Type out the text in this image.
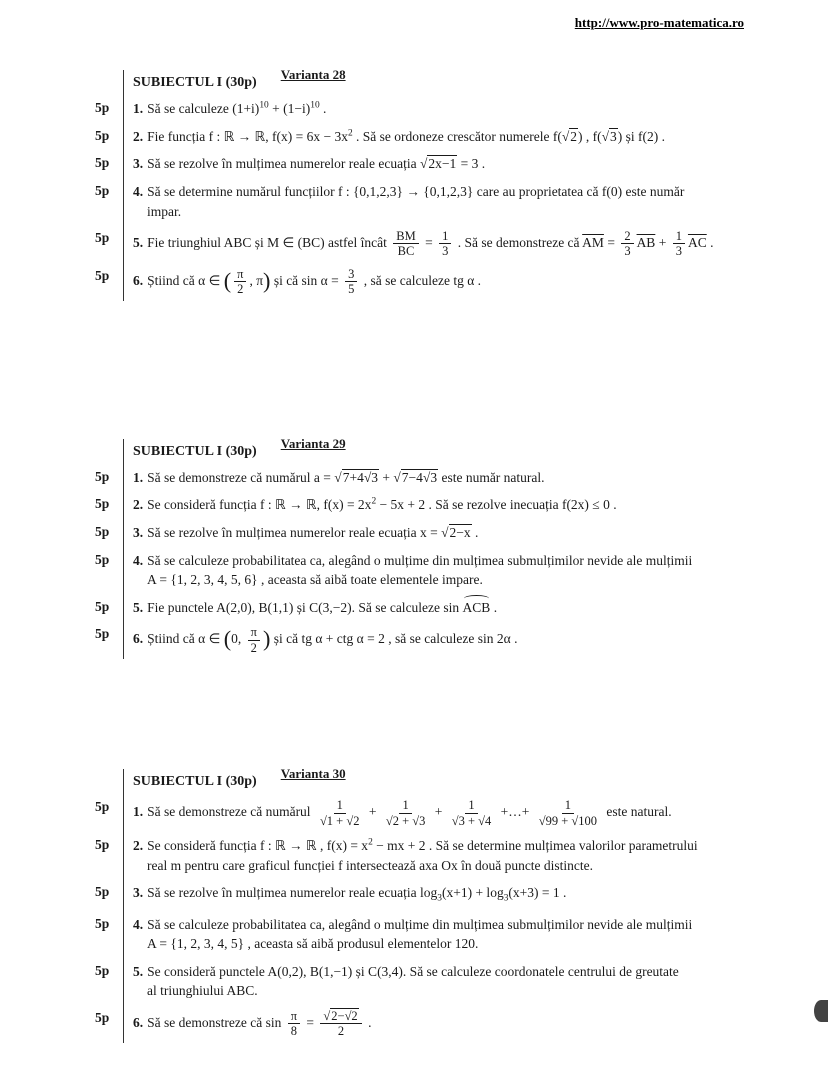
http://www.pro-matematica.ro
SUBIECTUL I (30p)Varianta 28
5p	1. Să se calculeze $(1+i)^{10} + (1-i)^{10}$ .
5p	2. Fie funcția f : ℝ → ℝ, $f(x) = 6x - 3x^2$ . Să se ordoneze crescător numerele f(√2) , f(√3) și f(2) .
5p	3. Să se rezolve în mulțimea numerelor reale ecuația √2x−1 = 3 .
5p	4. Să se determine numărul funcțiilor f : {0,1,2,3} → {0,1,2,3} care au proprietatea că f(0) este număr
impar.
5p	5. Fie triunghiul ABC și M ∈ (BC) astfel încât $\frac{BM}{BC} = \frac{1}{3}$ . Să se demonstreze că $\overline{AM} = \frac{2}{3} \overline{AB} + \frac{1}{3} \overline{AC}$ .
5p	6. Știind că α ∈ ( $\frac{\pi}{2}$ , π) și că $\sin \alpha = \frac{3}{5}$ , să se calculeze tg α .
SUBIECTUL I (30p)Varianta 29
5p	1. Să se demonstreze că numărul a = √7+4√3 + √7−4√3 este număr natural.
5p	2. Se consideră funcția f : ℝ → ℝ, $f(x) = 2x^2 - 5x + 2$ . Să se rezolve inecuația f(2x) ≤ 0 .
5p	3. Să se rezolve în mulțimea numerelor reale ecuația x = √2−x .
5p	4. Să se calculeze probabilitatea ca, alegând o mulțime din mulțimea submulțimilor nevide ale mulțimii
A = {1, 2, 3, 4, 5, 6} , aceasta să aibă toate elementele impare.
5p	5. Fie punctele A(2,0), B(1,1) și C(3,−2). Să se calculeze sin ACB .
5p	6. Știind că α ∈ (0, $\frac{\pi}{2}$ ) și că tg α + ctg α = 2 , să se calculeze sin 2α .
SUBIECTUL I (30p)Varianta 30
5p	1. Să se demonstreze că numărul $\frac{1}{√1 + √2} + \frac{1}{√2 + √3} + \frac{1}{√3 + √4}$ +…+ $\frac{1}{√99 + √100}$ este natural.
5p	2. Se consideră funcția f : ℝ → ℝ , $f(x) = x^2$ − mx + 2 . Să se determine mulțimea valorilor parametrului
real m pentru care graficul funcției f intersectează axa Ox în două puncte distincte.
5p	3. Să se rezolve în mulțimea numerelor reale ecuația $\log_3(x+1) + \log_3(x+3) = 1$ .
5p	4. Să se calculeze probabilitatea ca, alegând o mulțime din mulțimea submulțimilor nevide ale mulțimii
A = {1, 2, 3, 4, 5} , aceasta să aibă produsul elementelor 120.
5p	5. Se consideră punctele A(0,2), B(1,−1) și C(3,4). Să se calculeze coordonatele centrului de greutate
al triunghiului ABC.
5p	6. Să se demonstreze că $\sin \frac{\pi}{8} = \frac{√2-√2}{2}$ .
